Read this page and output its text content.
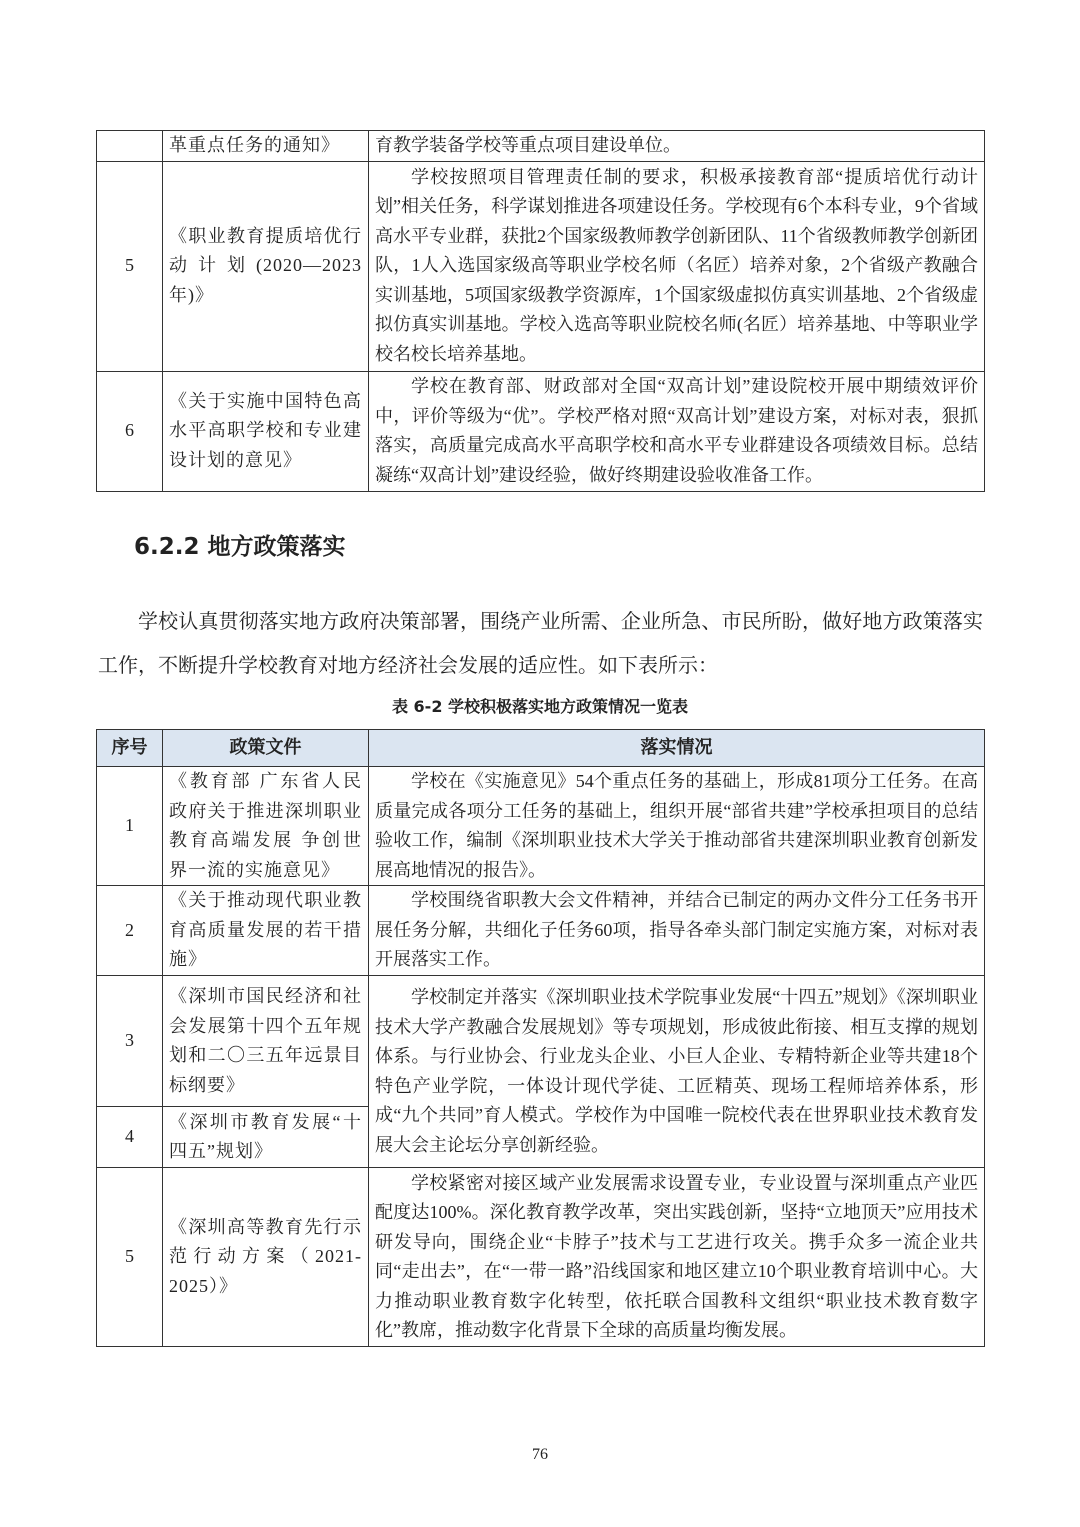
	革重点任务的通知》	育教学装备学校等重点项目建设单位。
5	《职业教育提质培优行动计划(2020—2023年)》	学校按照项目管理责任制的要求，积极承接教育部“提质培优行动计划”相关任务，科学谋划推进各项建设任务。学校现有6个本科专业，9个省域高水平专业群，获批2个国家级教师教学创新团队、11个省级教师教学创新团队，1人入选国家级高等职业学校名师（名匠）培养对象，2个省级产教融合实训基地，5项国家级教学资源库，1个国家级虚拟仿真实训基地、2个省级虚拟仿真实训基地。学校入选高等职业院校名师(名匠）培养基地、中等职业学校名校长培养基地。
6	《关于实施中国特色高水平高职学校和专业建设计划的意见》	学校在教育部、财政部对全国“双高计划”建设院校开展中期绩效评价中，评价等级为“优”。学校严格对照“双高计划”建设方案，对标对表，狠抓落实，高质量完成高水平高职学校和高水平专业群建设各项绩效目标。总结凝练“双高计划”建设经验，做好终期建设验收准备工作。
6.2.2 地方政策落实
学校认真贯彻落实地方政府决策部署，围绕产业所需、企业所急、市民所盼，做好地方政策落实工作，不断提升学校教育对地方经济社会发展的适应性。如下表所示：
表 6-2 学校积极落实地方政策情况一览表
序号	政策文件	落实情况
1	《教育部 广东省人民政府关于推进深圳职业教育高端发展 争创世界一流的实施意见》	学校在《实施意见》54个重点任务的基础上，形成81项分工任务。在高质量完成各项分工任务的基础上，组织开展“部省共建”学校承担项目的总结验收工作，编制《深圳职业技术大学关于推动部省共建深圳职业教育创新发展高地情况的报告》。
2	《关于推动现代职业教育高质量发展的若干措施》	学校围绕省职教大会文件精神，并结合已制定的两办文件分工任务书开展任务分解，共细化子任务60项，指导各牵头部门制定实施方案，对标对表开展落实工作。
3	《深圳市国民经济和社会发展第十四个五年规划和二〇三五年远景目标纲要》	学校制定并落实《深圳职业技术学院事业发展“十四五”规划》《深圳职业技术大学产教融合发展规划》等专项规划，形成彼此衔接、相互支撑的规划体系。与行业协会、行业龙头企业、小巨人企业、专精特新企业等共建18个特色产业学院，一体设计现代学徒、工匠精英、现场工程师培养体系，形成“九个共同”育人模式。学校作为中国唯一院校代表在世界职业技术教育发展大会主论坛分享创新经验。
4	《深圳市教育发展“十四五”规划》	
5	《深圳高等教育先行示范行动方案（2021-2025）》	学校紧密对接区域产业发展需求设置专业，专业设置与深圳重点产业匹配度达100%。深化教育教学改革，突出实践创新，坚持“立地顶天”应用技术研发导向，围绕企业“卡脖子”技术与工艺进行攻关。携手众多一流企业共同“走出去”，在“一带一路”沿线国家和地区建立10个职业教育培训中心。大力推动职业教育数字化转型，依托联合国教科文组织“职业技术教育数字化”教席，推动数字化背景下全球的高质量均衡发展。
76
